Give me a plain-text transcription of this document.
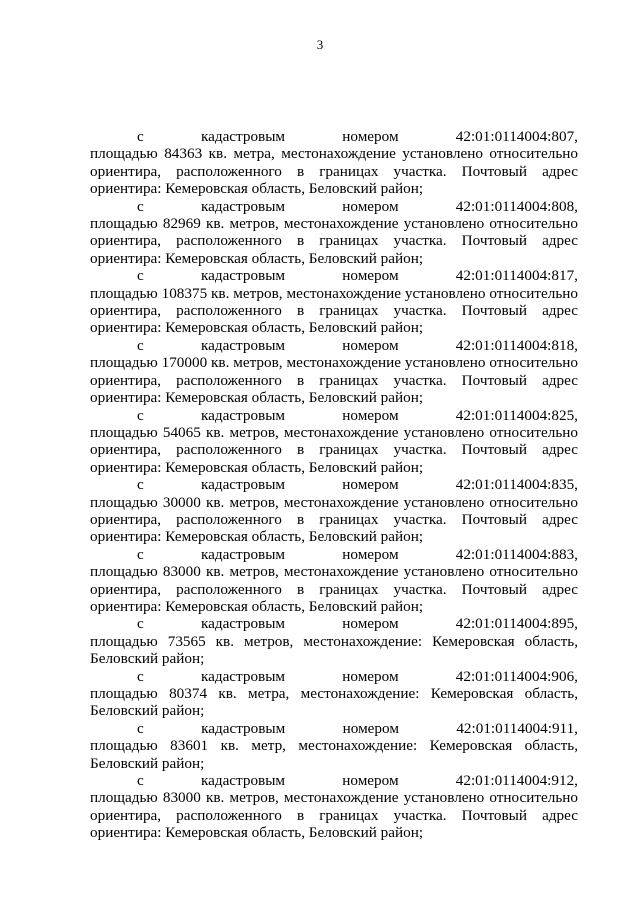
3
с	кадастровым	номером	42:01:0114004:807,
площадью 84363 кв. метра, местонахождение установлено относительно ориентира, расположенного в границах участка. Почтовый адрес ориентира: Кемеровская область, Беловский район;
с	кадастровым	номером	42:01:0114004:808,
площадью 82969 кв. метров, местонахождение установлено относительно ориентира, расположенного в границах участка. Почтовый адрес ориентира: Кемеровская область, Беловский район;
с	кадастровым	номером	42:01:0114004:817,
площадью 108375 кв. метров, местонахождение установлено относительно ориентира, расположенного в границах участка. Почтовый адрес ориентира: Кемеровская область, Беловский район;
с	кадастровым	номером	42:01:0114004:818,
площадью 170000 кв. метров, местонахождение установлено относительно ориентира, расположенного в границах участка. Почтовый адрес ориентира: Кемеровская область, Беловский район;
с	кадастровым	номером	42:01:0114004:825,
площадью 54065 кв. метров, местонахождение установлено относительно ориентира, расположенного в границах участка. Почтовый адрес ориентира: Кемеровская область, Беловский район;
с	кадастровым	номером	42:01:0114004:835,
площадью 30000 кв. метров, местонахождение установлено относительно ориентира, расположенного в границах участка. Почтовый адрес ориентира: Кемеровская область, Беловский район;
с	кадастровым	номером	42:01:0114004:883,
площадью 83000 кв. метров, местонахождение установлено относительно ориентира, расположенного в границах участка. Почтовый адрес ориентира: Кемеровская область, Беловский район;
с	кадастровым	номером	42:01:0114004:895,
площадью 73565 кв. метров, местонахождение: Кемеровская область, Беловский район;
с	кадастровым	номером	42:01:0114004:906,
площадью 80374 кв. метра, местонахождение: Кемеровская область, Беловский район;
с	кадастровым	номером	42:01:0114004:911,
площадью 83601 кв. метр, местонахождение: Кемеровская область, Беловский район;
с	кадастровым	номером	42:01:0114004:912,
площадью 83000 кв. метров, местонахождение установлено относительно ориентира, расположенного в границах участка. Почтовый адрес ориентира: Кемеровская область, Беловский район;
